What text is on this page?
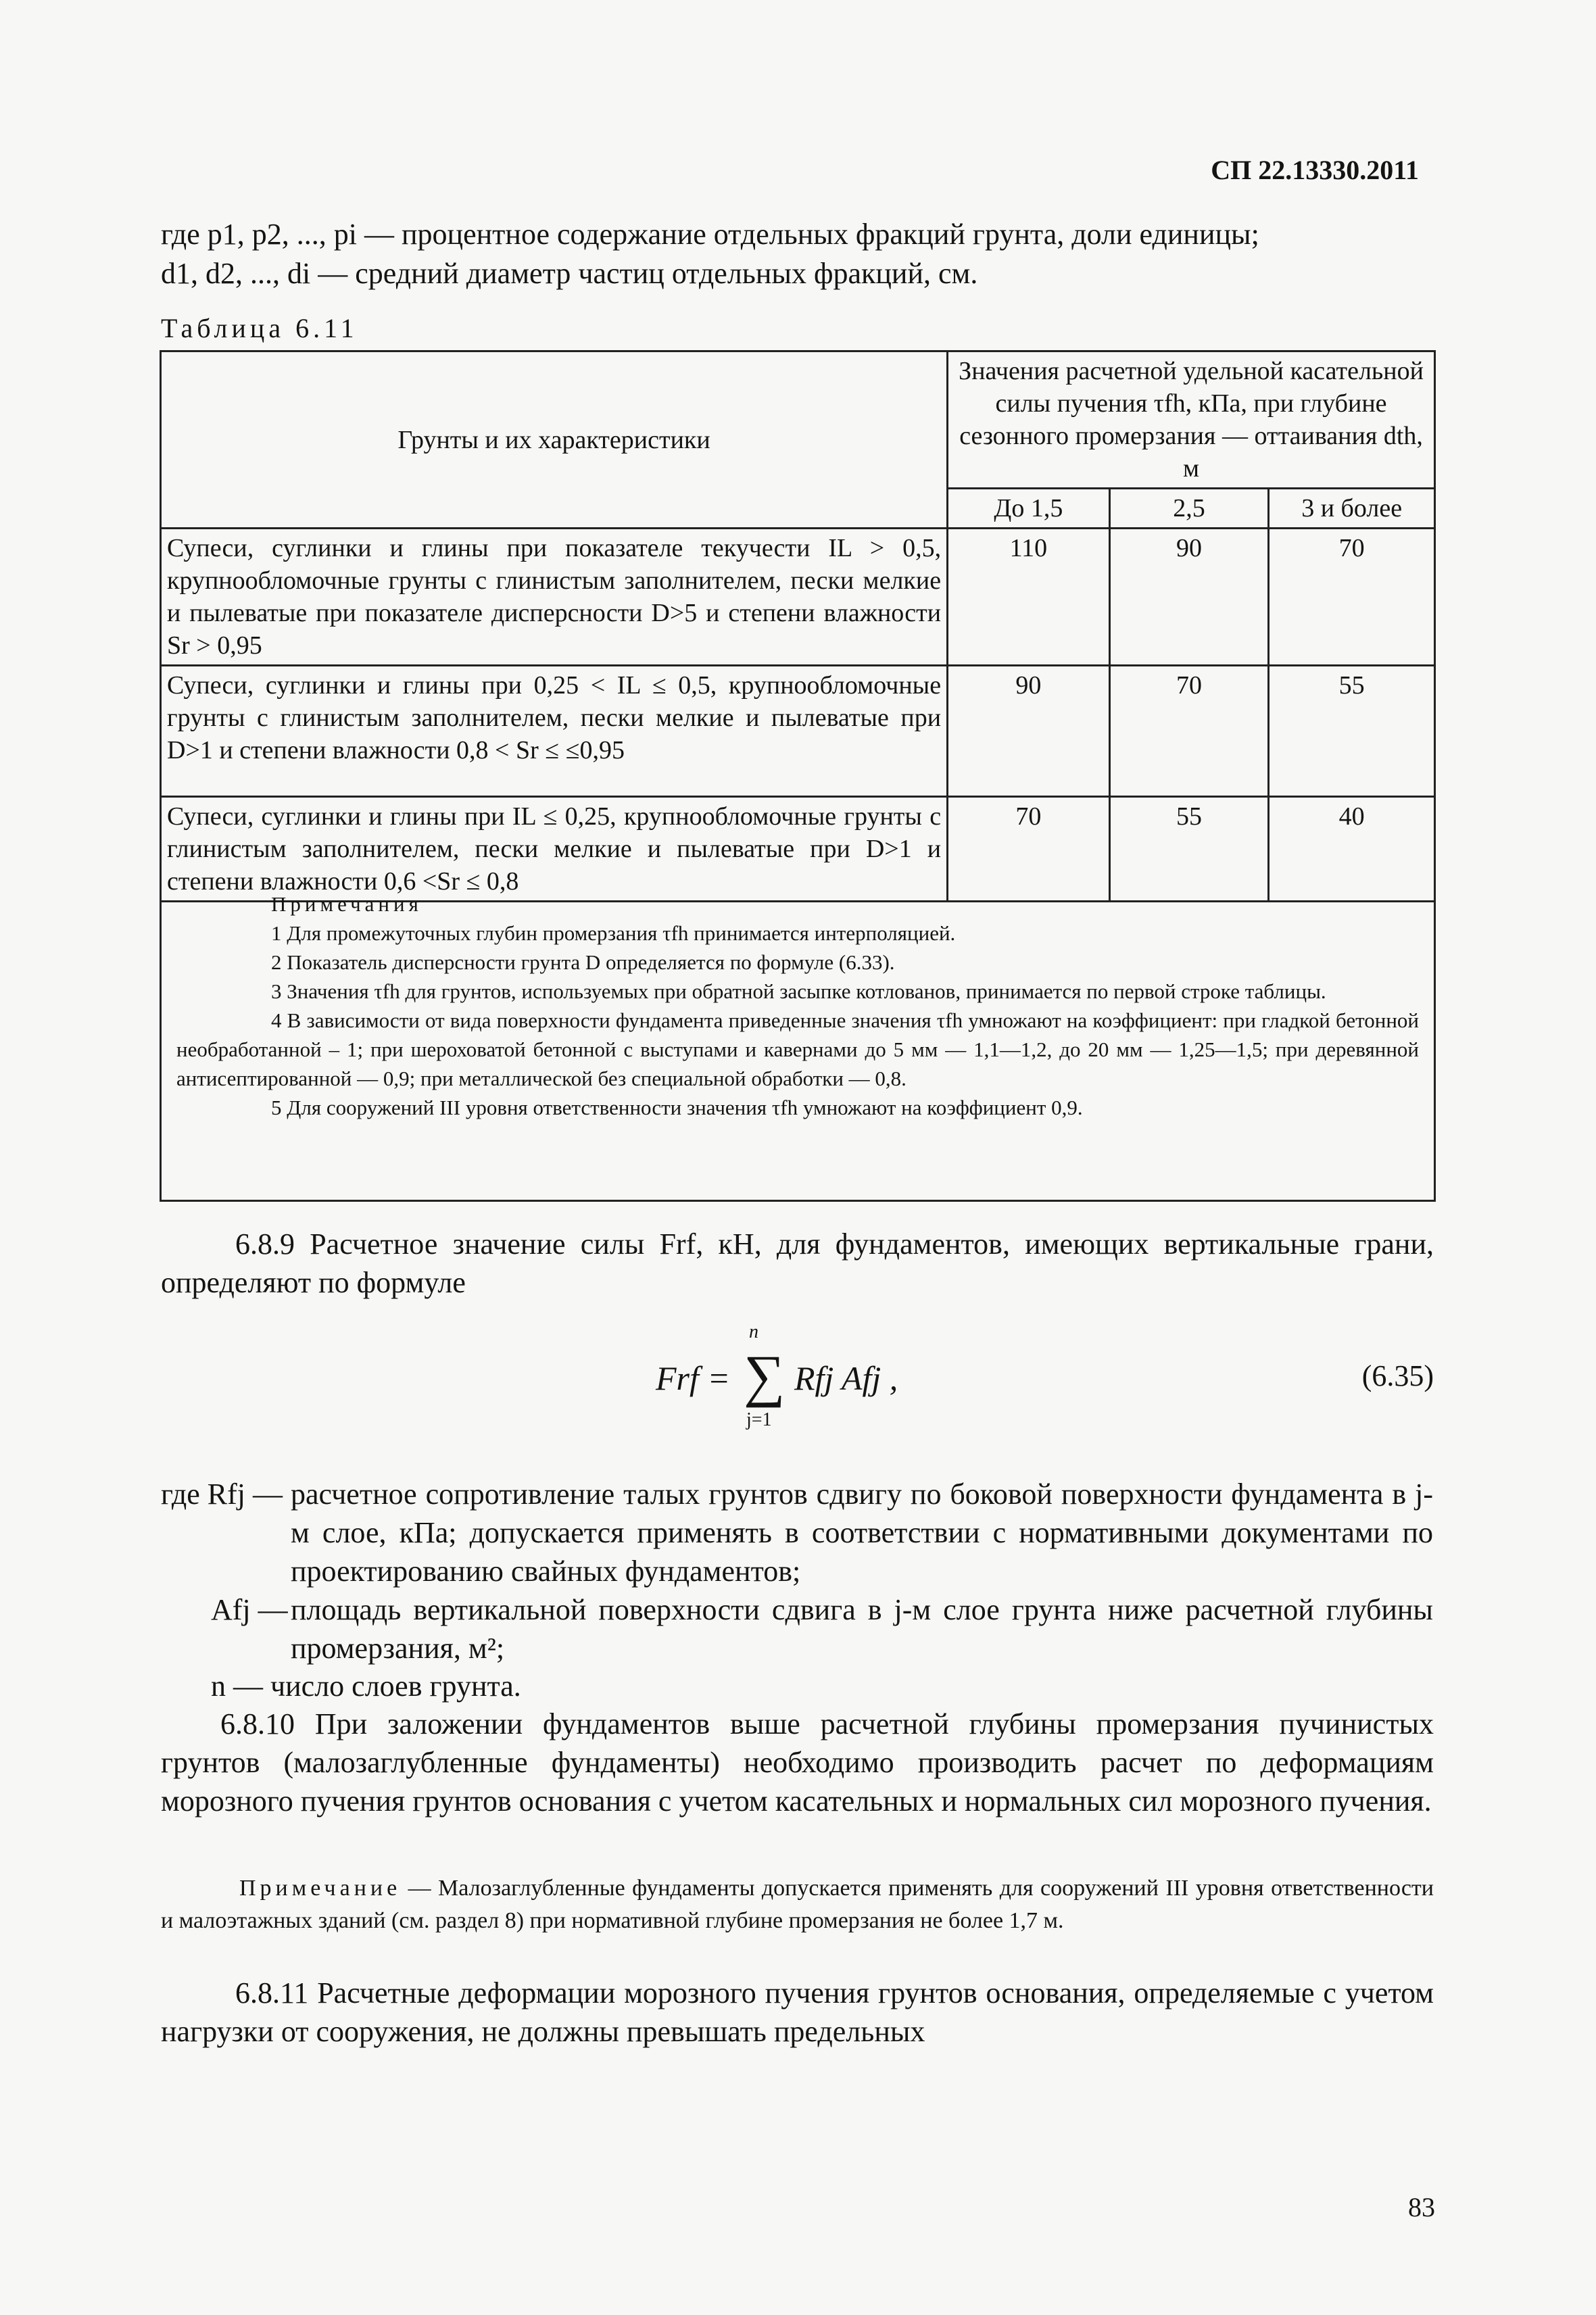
СП 22.13330.2011
где p1, p2, ..., pi — процентное содержание отдельных фракций грунта, доли единицы;
d1, d2, ..., di — средний диаметр частиц отдельных фракций, см.
Таблица 6.11
Грунты и их характеристики	Значения расчетной удельной касательной силы пучения τfh, кПа, при глубине сезонного промерзания — оттаивания dth, м		
	До 1,5	2,5	3 и более
Супеси, суглинки и глины при показателе текучести IL > 0,5, крупнообломочные грунты с глинистым заполнителем, пески мелкие и пылеватые при показателе дисперсности D>5 и степени влажности Sr > 0,95	110	90	70
Супеси, суглинки и глины при 0,25 < IL ≤ 0,5, крупнообломочные грунты с глинистым заполнителем, пески мелкие и пылеватые при D>1 и степени влажности 0,8 < Sr ≤ ≤0,95	90	70	55
Супеси, суглинки и глины при IL ≤ 0,25, крупнообломочные грунты с глинистым заполнителем, пески мелкие и пылеватые при D>1 и степени влажности 0,6 <Sr ≤ 0,8	70	55	40
Примечания
1 Для промежуточных глубин промерзания τfh принимается интерполяцией.
2 Показатель дисперсности грунта D определяется по формуле (6.33).
3 Значения τfh для грунтов, используемых при обратной засыпке котлованов, принимается по первой строке таблицы.
4 В зависимости от вида поверхности фундамента приведенные значения τfh умножают на коэффициент: при гладкой бетонной необработанной – 1; при шероховатой бетонной с выступами и кавернами до 5 мм — 1,1—1,2, до 20 мм — 1,25—1,5; при деревянной антисептированной — 0,9; при металлической без специальной обработки — 0,8.
5 Для сооружений III уровня ответственности значения τfh умножают на коэффициент 0,9.
6.8.9 Расчетное значение силы Frf, кН, для фундаментов, имеющих вертикальные грани, определяют по формуле
Frf =
n
∑
j=1
Rfj Afj ,	(6.35)
где Rfj — расчетное сопротивление талых грунтов сдвигу по боковой поверхности фундамента в j-м слое, кПа; допускается применять в соответствии с нормативными документами по проектированию свайных фундаментов;
Afj — площадь вертикальной поверхности сдвига в j-м слое грунта ниже расчетной глубины промерзания, м²;
n — число слоев грунта.
6.8.10 При заложении фундаментов выше расчетной глубины промерзания пучинистых грунтов (малозаглубленные фундаменты) необходимо производить расчет по деформациям морозного пучения грунтов основания с учетом касательных и нормальных сил морозного пучения.
Примечание — Малозаглубленные фундаменты допускается применять для сооружений III уровня ответственности и малоэтажных зданий (см. раздел 8) при нормативной глубине промерзания не более 1,7 м.
6.8.11 Расчетные деформации морозного пучения грунтов основания, определяемые с учетом нагрузки от сооружения, не должны превышать предельных
83
